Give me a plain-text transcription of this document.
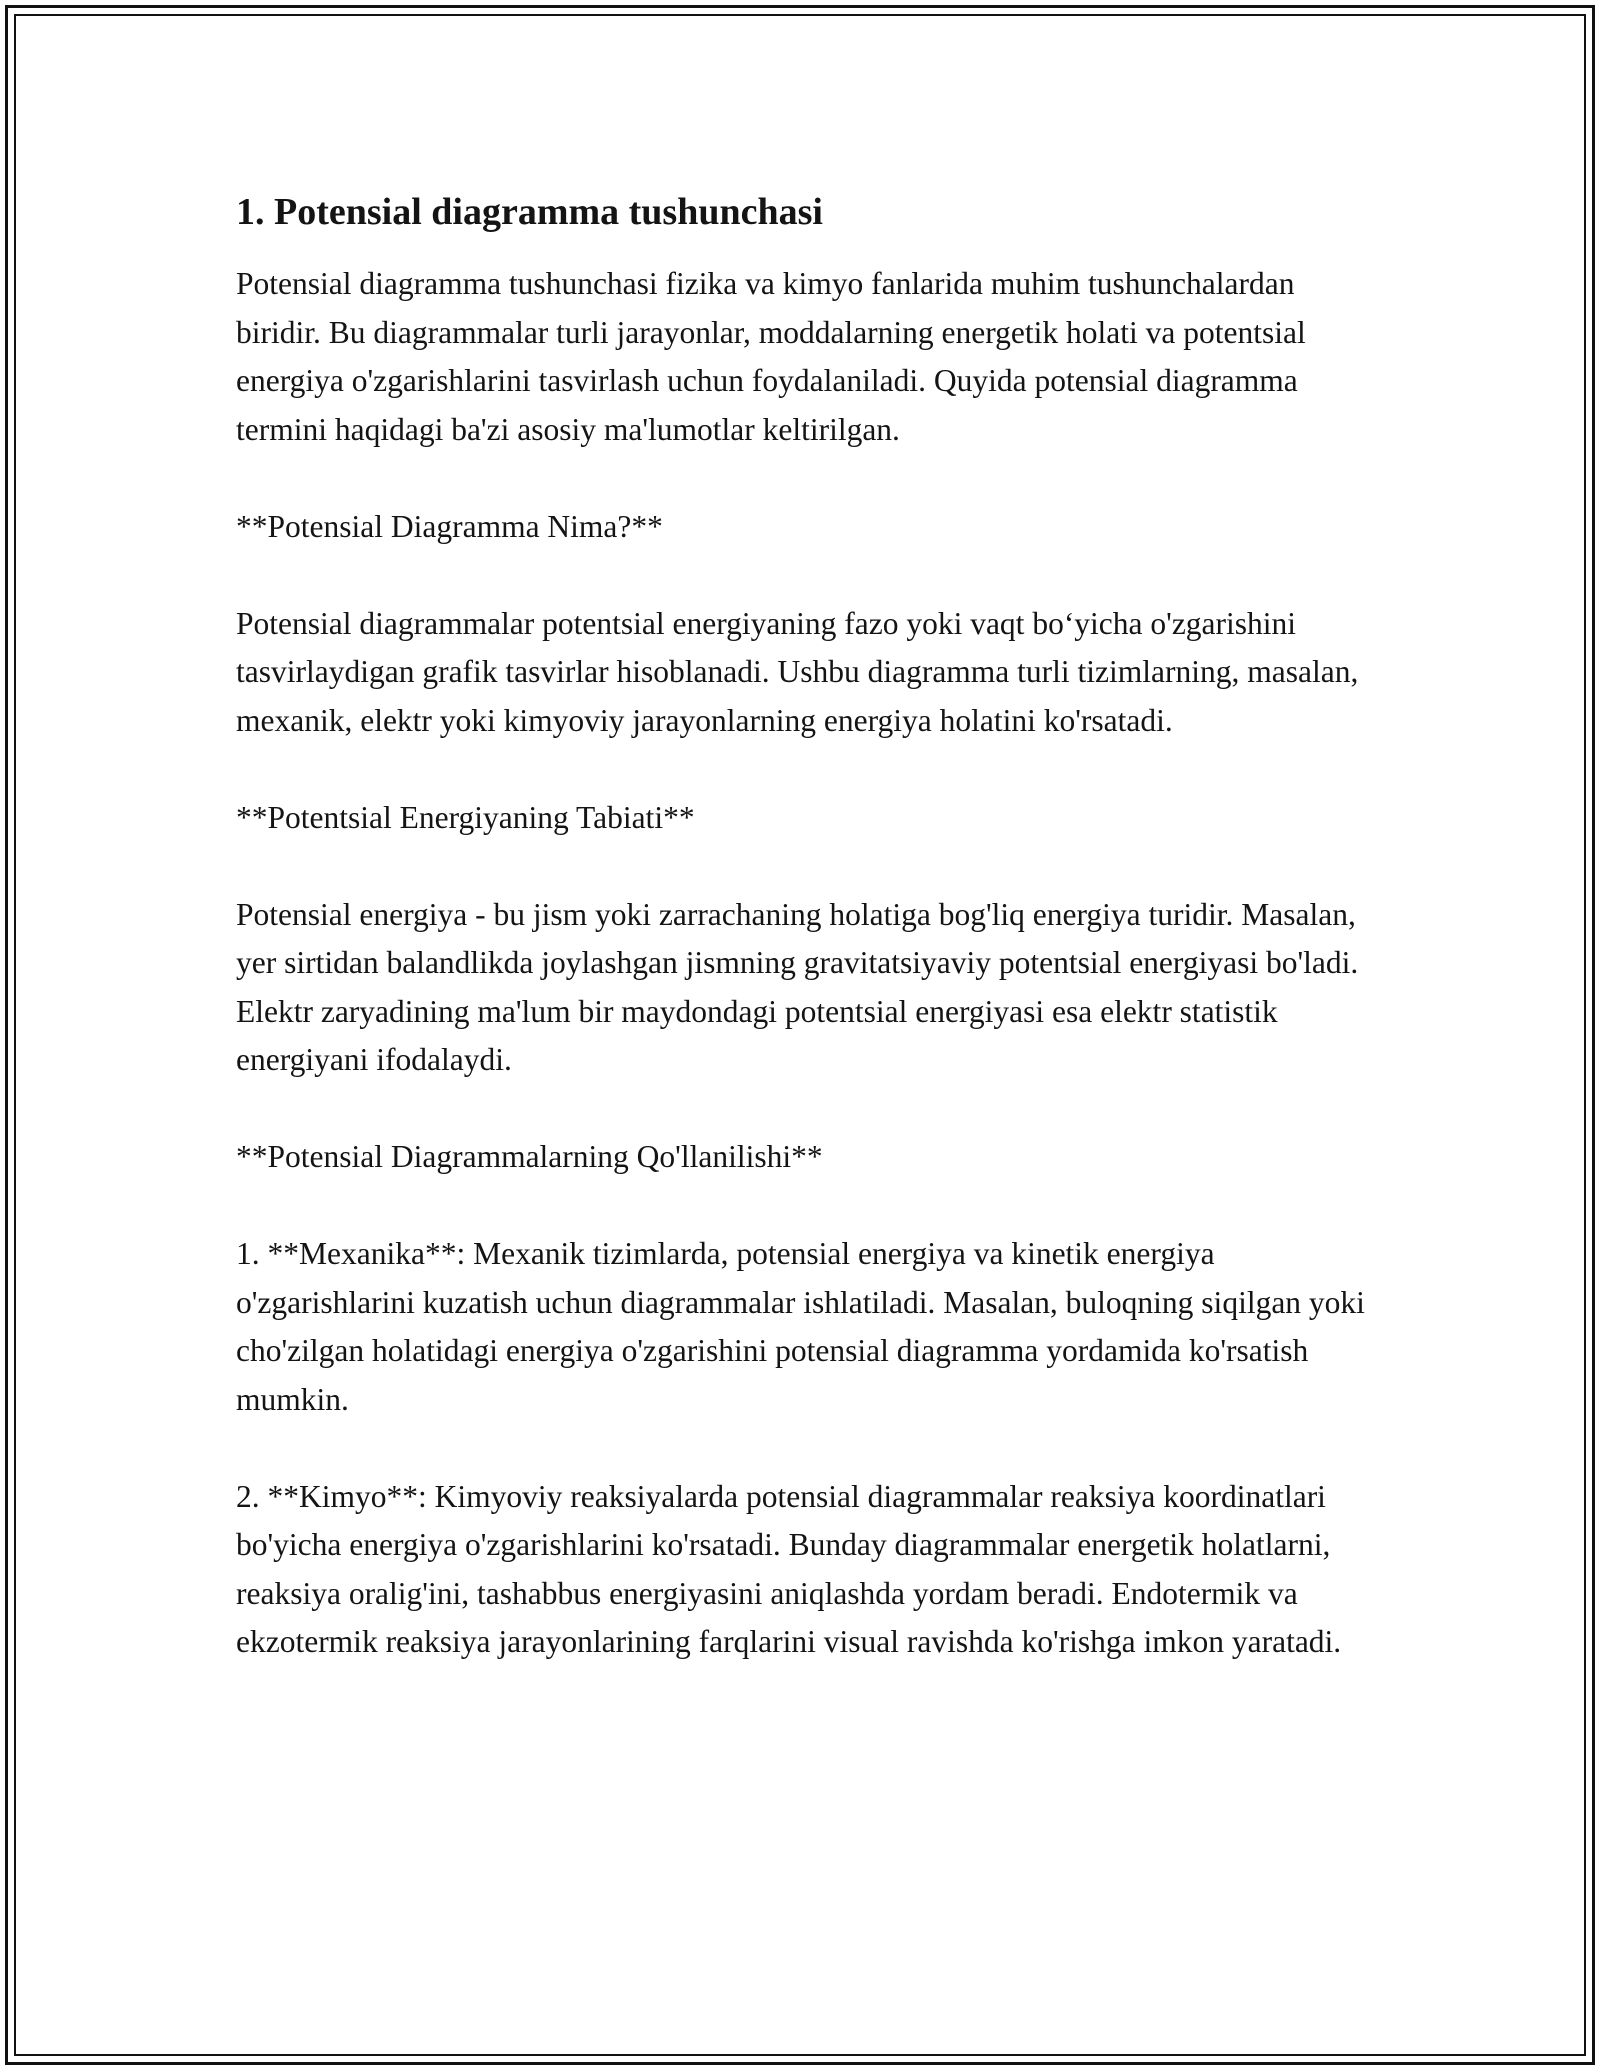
1. Potensial diagramma tushunchasi

Potensial diagramma tushunchasi fizika va kimyo fanlarida muhim tushunchalardan biridir. Bu diagrammalar turli jarayonlar, moddalarning energetik holati va potentsial energiya o'zgarishlarini tasvirlash uchun foydalaniladi. Quyida potensial diagramma termini haqidagi ba'zi asosiy ma'lumotlar keltirilgan.

**Potensial Diagramma Nima?**

Potensial diagrammalar potentsial energiyaning fazo yoki vaqt bo‘yicha o'zgarishini tasvirlaydigan grafik tasvirlar hisoblanadi. Ushbu diagramma turli tizimlarning, masalan, mexanik, elektr yoki kimyoviy jarayonlarning energiya holatini ko'rsatadi.

**Potentsial Energiyaning Tabiati**

Potensial energiya - bu jism yoki zarrachaning holatiga bog'liq energiya turidir. Masalan, yer sirtidan balandlikda joylashgan jismning gravitatsiyaviy potentsial energiyasi bo'ladi. Elektr zaryadining ma'lum bir maydondagi potentsial energiyasi esa elektr statistik energiyani ifodalaydi.

**Potensial Diagrammalarning Qo'llanilishi**

1. **Mexanika**: Mexanik tizimlarda, potensial energiya va kinetik energiya o'zgarishlarini kuzatish uchun diagrammalar ishlatiladi. Masalan, buloqning siqilgan yoki cho'zilgan holatidagi energiya o'zgarishini potensial diagramma yordamida ko'rsatish mumkin.

2. **Kimyo**: Kimyoviy reaksiyalarda potensial diagrammalar reaksiya koordinatlari bo'yicha energiya o'zgarishlarini ko'rsatadi. Bunday diagrammalar energetik holatlarni, reaksiya oralig'ini, tashabbus energiyasini aniqlashda yordam beradi. Endotermik va ekzotermik reaksiya jarayonlarining farqlarini visual ravishda ko'rishga imkon yaratadi.
